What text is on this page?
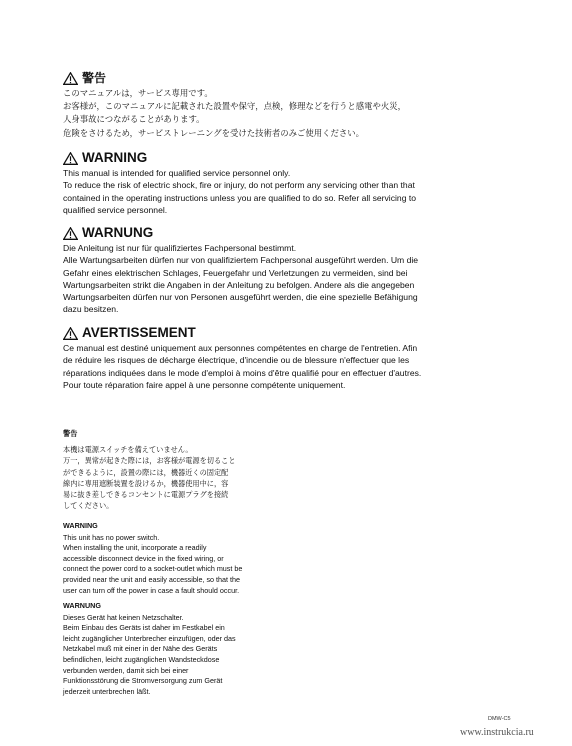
警告
このマニュアルは，サービス専用です。
お客様が，このマニュアルに記載された設置や保守，点検，修理などを行うと感電や火災，
人身事故につながることがあります。
危険をさけるため，サービストレーニングを受けた技術者のみご使用ください。
WARNING
This manual is intended for qualified service personnel only.
To reduce the risk of electric shock, fire or injury, do not perform any servicing other than that
contained in the operating instructions unless you are qualified to do so. Refer all servicing to
qualified service personnel.
WARNUNG
Die Anleitung ist nur für qualifiziertes Fachpersonal bestimmt.
Alle Wartungsarbeiten dürfen nur von qualifiziertem Fachpersonal ausgeführt werden. Um die
Gefahr eines elektrischen Schlages, Feuergefahr und Verletzungen zu vermeiden, sind bei
Wartungsarbeiten strikt die Angaben in der Anleitung zu befolgen. Andere als die angegeben
Wartungsarbeiten dürfen nur von Personen ausgeführt werden, die eine spezielle Befähigung
dazu besitzen.
AVERTISSEMENT
Ce manual est destiné uniquement aux personnes compétentes en charge de l'entretien. Afin
de réduire les risques de décharge électrique, d'incendie ou de blessure n'effectuer que les
réparations indiquées dans le mode d'emploi à moins d'être qualifié pour en effectuer d'autres.
Pour toute réparation faire appel à une personne compétente uniquement.
警告
本機は電源スイッチを備えていません。
万一，異常が起きた際には，お客様が電源を切ること
ができるように，設置の際には，機器近くの固定配
線内に専用遮断装置を設けるか，機器使用中に，容
易に抜き差しできるコンセントに電源プラグを接続
してください。
WARNING
This unit has no power switch.
When installing the unit, incorporate a readily
accessible disconnect device in the fixed wiring, or
connect the power cord to a socket-outlet which must be
provided near the unit and easily accessible, so that the
user can turn off the power in case a fault should occur.
WARNUNG
Dieses Gerät hat keinen Netzschalter.
Beim Einbau des Geräts ist daher im Festkabel ein
leicht zugänglicher Unterbrecher einzufügen, oder das
Netzkabel muß mit einer in der Nähe des Geräts
befindlichen, leicht zugänglichen Wandsteckdose
verbunden werden, damit sich bei einer
Funktionsstörung die Stromversorgung zum Gerät
jederzeit unterbrechen läßt.
DMW-C5
www.instrukcia.ru
